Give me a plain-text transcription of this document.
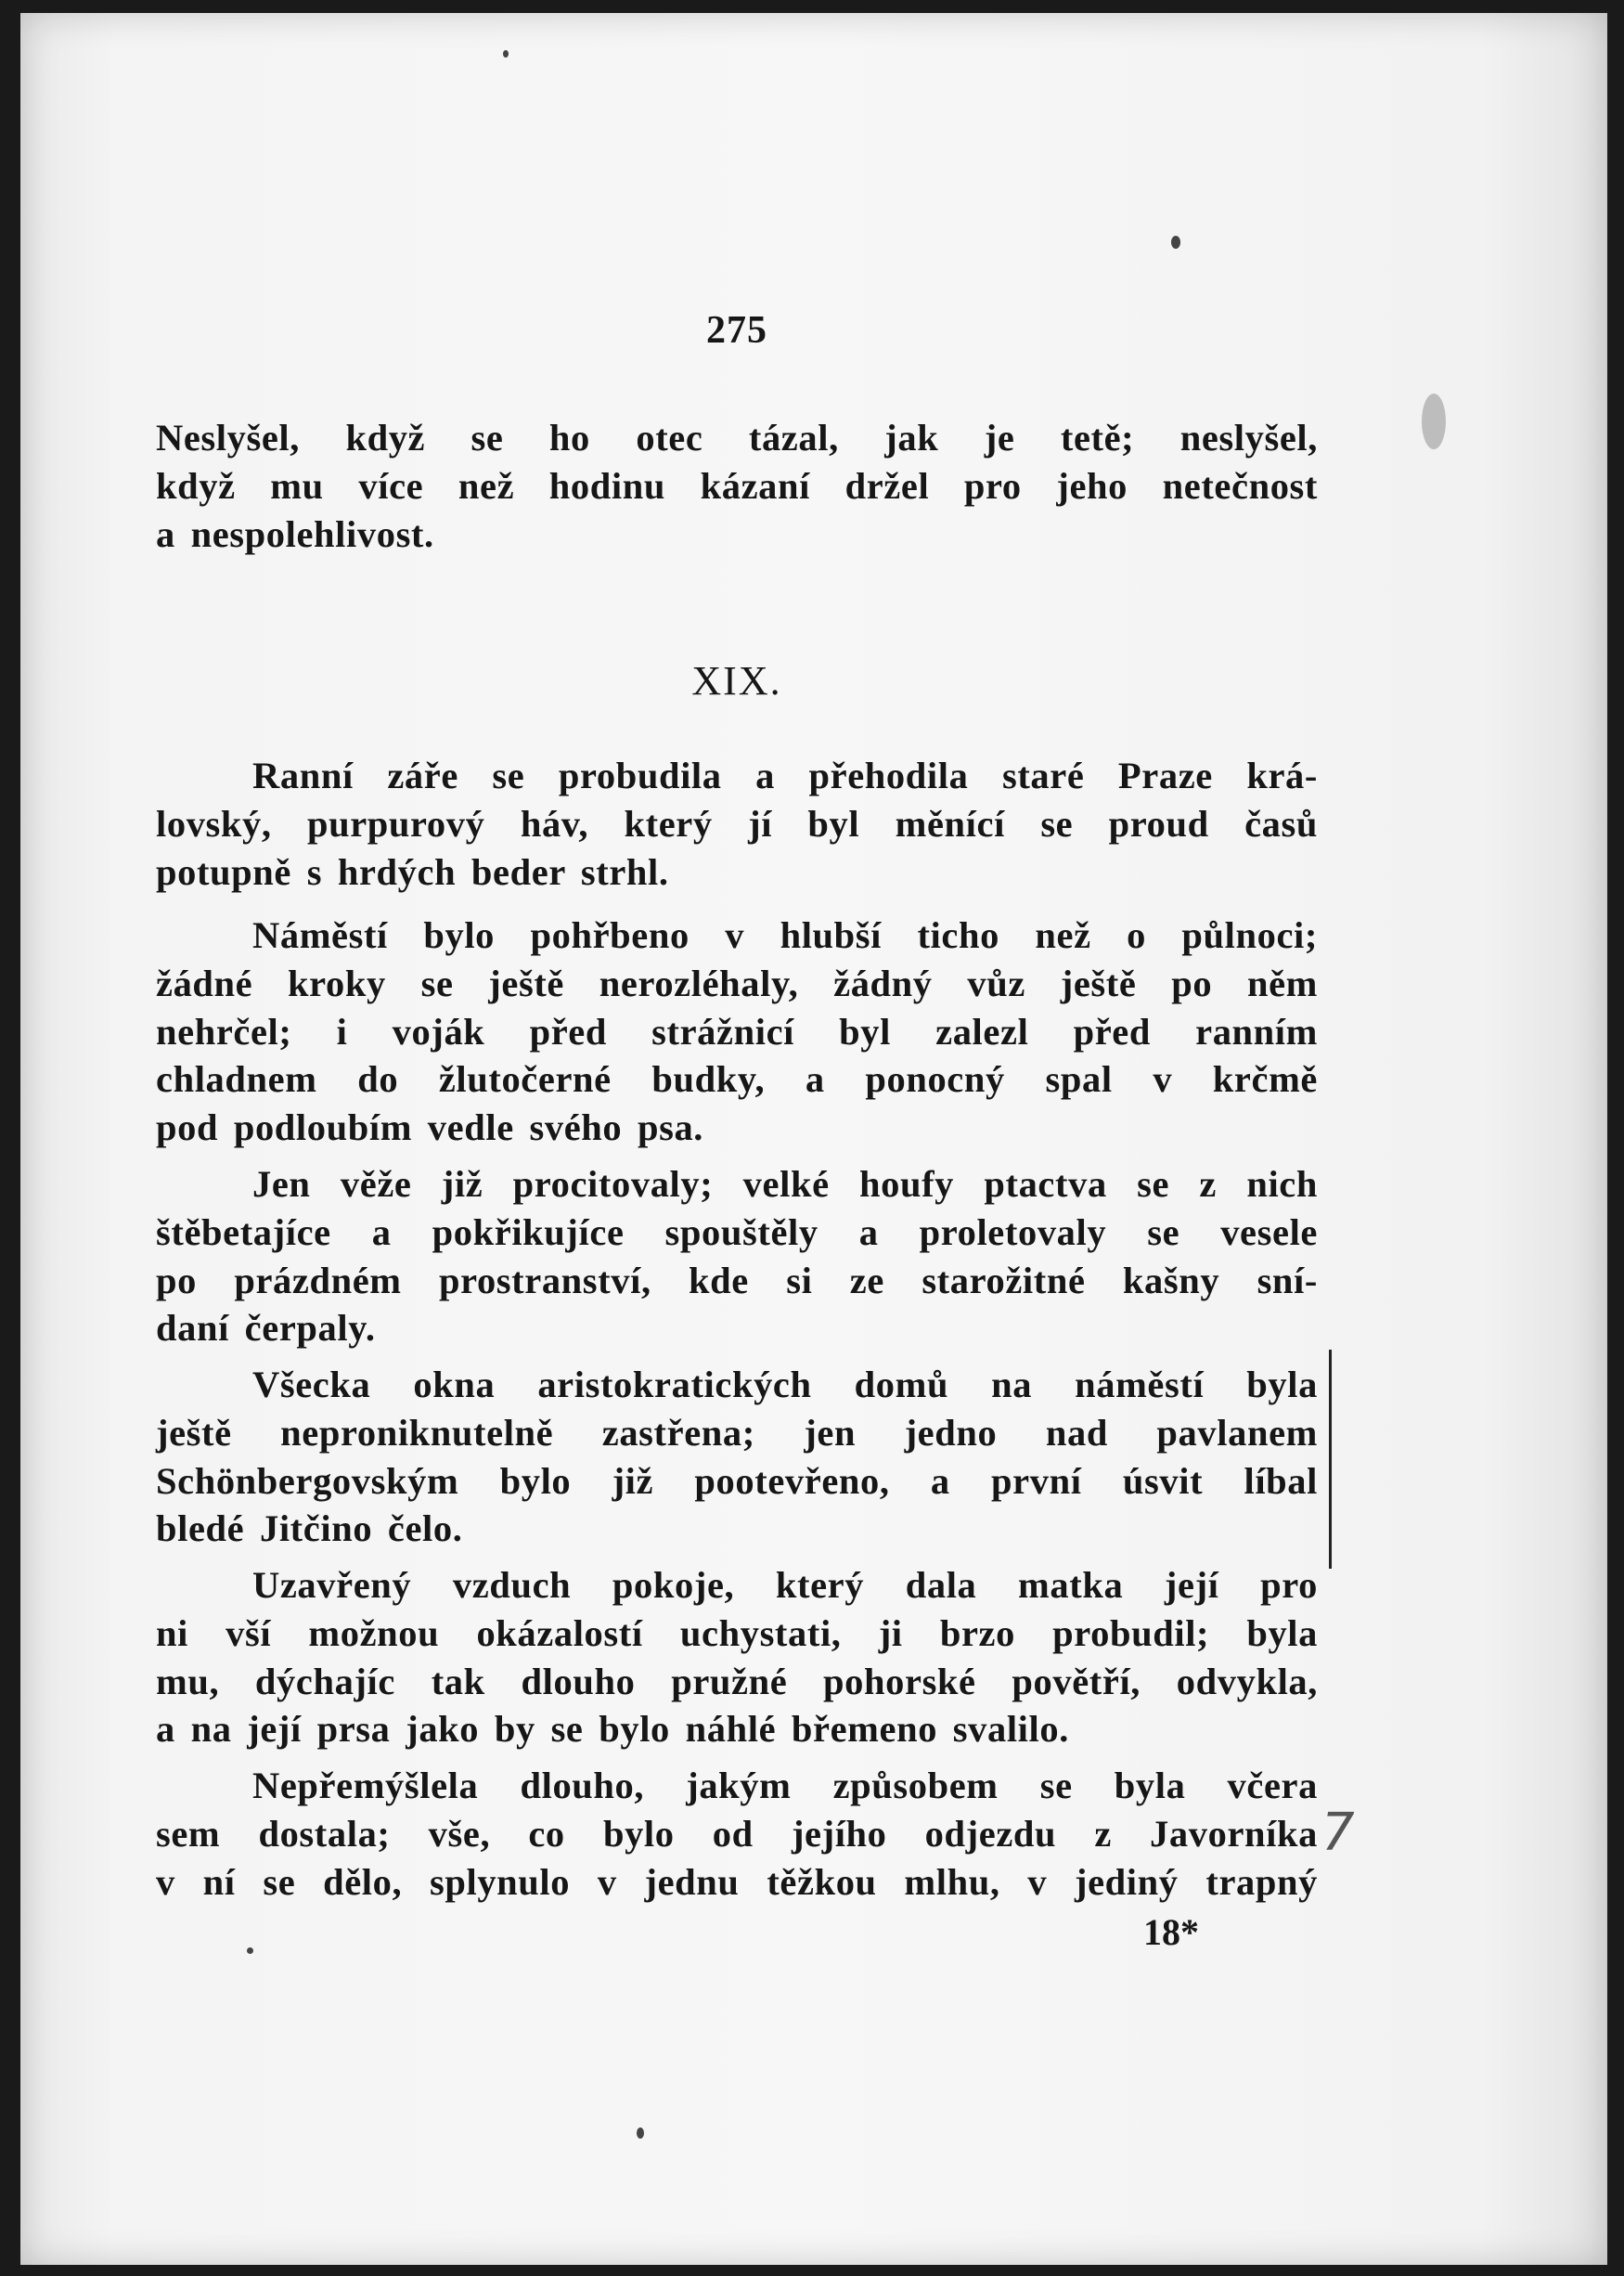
7
275
Neslyšel, když se ho otec tázal, jak je tetě; neslyšel,
když mu více než hodinu kázaní držel pro jeho netečnost
a nespolehlivost.
XIX.
Ranní záře se probudila a přehodila staré Praze krá-
lovský, purpurový háv, který jí byl měnící se proud časů
potupně s hrdých beder strhl.
Náměstí bylo pohřbeno v hlubší ticho než o půlnoci;
žádné kroky se ještě nerozléhaly, žádný vůz ještě po něm
nehrčel; i voják před strážnicí byl zalezl před ranním
chladnem do žlutočerné budky, a ponocný spal v krčmě
pod podloubím vedle svého psa.
Jen věže již procitovaly; velké houfy ptactva se z nich
štěbetajíce a pokřikujíce spouštěly a proletovaly se vesele
po prázdném prostranství, kde si ze starožitné kašny sní-
daní čerpaly.
Všecka okna aristokratických domů na náměstí byla
ještě neproniknutelně zastřena; jen jedno nad pavlanem
Schönbergovským bylo již pootevřeno, a první úsvit líbal
bledé Jitčino čelo.
Uzavřený vzduch pokoje, který dala matka její pro
ni vší možnou okázalostí uchystati, ji brzo probudil; byla
mu, dýchajíc tak dlouho pružné pohorské povětří, odvykla,
a na její prsa jako by se bylo náhlé břemeno svalilo.
Nepřemýšlela dlouho, jakým způsobem se byla včera
sem dostala; vše, co bylo od jejího odjezdu z Javorníka
v ní se dělo, splynulo v jednu těžkou mlhu, v jediný trapný
18*
